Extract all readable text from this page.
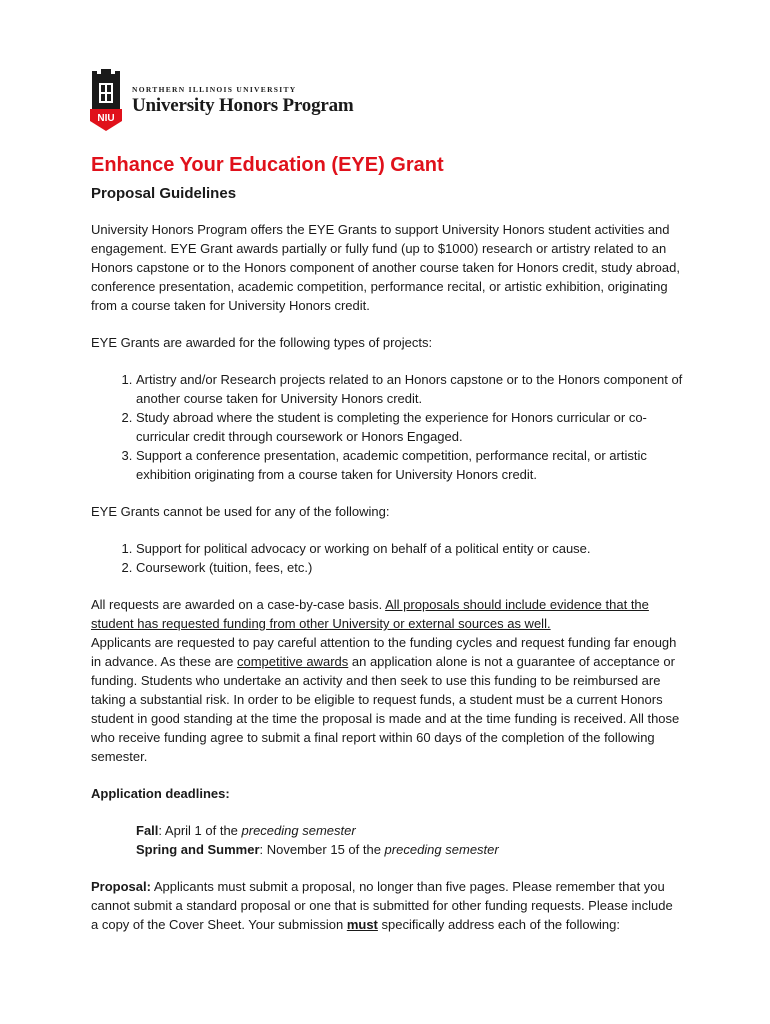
NIU
NORTHERN ILLINOIS UNIVERSITY
University Honors Program
Enhance Your Education (EYE) Grant
Proposal Guidelines

University Honors Program offers the EYE Grants to support University Honors student activities and engagement. EYE Grant awards partially or fully fund (up to $1000) research or artistry related to an Honors capstone or to the Honors component of another course taken for Honors credit, study abroad, conference presentation, academic competition, performance recital, or artistic exhibition, originating from a course taken for University Honors credit.

EYE Grants are awarded for the following types of projects:

1. Artistry and/or Research projects related to an Honors capstone or to the Honors component of another course taken for University Honors credit.
2. Study abroad where the student is completing the experience for Honors curricular or co-curricular credit through coursework or Honors Engaged.
3. Support a conference presentation, academic competition, performance recital, or artistic exhibition originating from a course taken for University Honors credit.

EYE Grants cannot be used for any of the following:

1. Support for political advocacy or working on behalf of a political entity or cause.
2. Coursework (tuition, fees, etc.)

All requests are awarded on a case-by-case basis. All proposals should include evidence that the student has requested funding from other University or external sources as well.

Applicants are requested to pay careful attention to the funding cycles and request funding far enough in advance. As these are competitive awards an application alone is not a guarantee of acceptance or funding. Students who undertake an activity and then seek to use this funding to be reimbursed are taking a substantial risk. In order to be eligible to request funds, a student must be a current Honors student in good standing at the time the proposal is made and at the time funding is received. All those who receive funding agree to submit a final report within 60 days of the completion of the following semester.

Application deadlines:

Fall: April 1 of the preceding semester

Spring and Summer: November 15 of the preceding semester

Proposal: Applicants must submit a proposal, no longer than five pages. Please remember that you cannot submit a standard proposal or one that is submitted for other funding requests. Please include a copy of the Cover Sheet. Your submission must specifically address each of the following:
